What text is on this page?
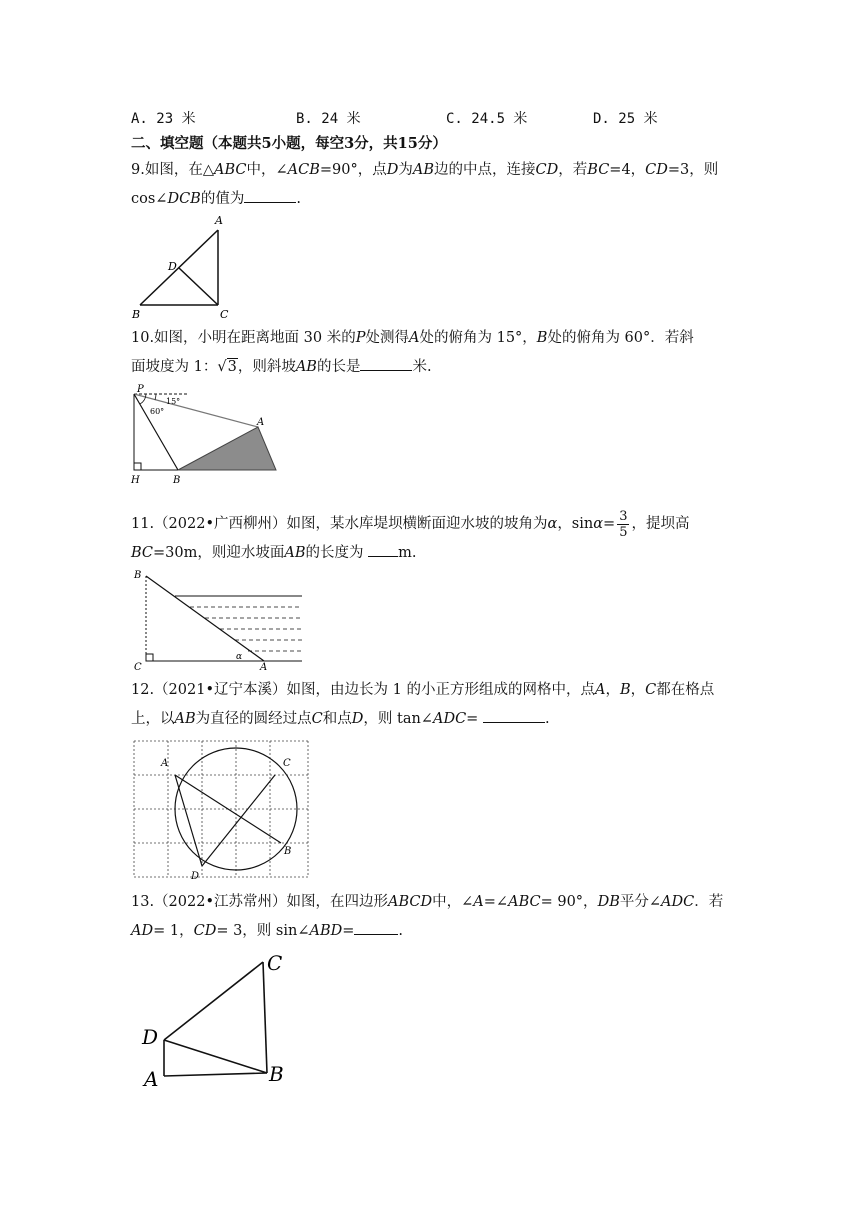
A. 23 米	B. 24 米	C. 24.5 米	D. 25 米
二、填空题（本题共5小题，每空3分，共15分）
9.如图，在△ABC中，∠ACB=90°，点D为AB边的中点，连接CD，若BC=4，CD=3，则
cos∠DCB的值为	.
A
D
B	C
10.如图，小明在距离地面 30 米的P处测得A处的俯角为 15°，B处的俯角为 60°．若斜
面坡度为 1：√3，则斜坡AB的长是	米.
P
15°
60°
A
H	B
11.（2022•广西柳州）如图，某水库堤坝横断面迎水坡的坡角为α，$\sin\alpha= \frac{3}{5}$ ，提坝高
BC=30m，则迎水坡面AB的长度为 m.
B
C	A
α
12.（2021•辽宁本溪）如图，由边长为 1 的小正方形组成的网格中，点A，B，C都在格点
上，以AB为直径的圆经过点C和点D，则 tan∠ADC=	.
A	C
B
D
13.（2022•江苏常州）如图，在四边形ABCD中，∠A=∠ABC= 90°，DB平分∠ADC．若
AD= 1，CD= 3，则 sin∠ABD=	.
C
D
A	B
